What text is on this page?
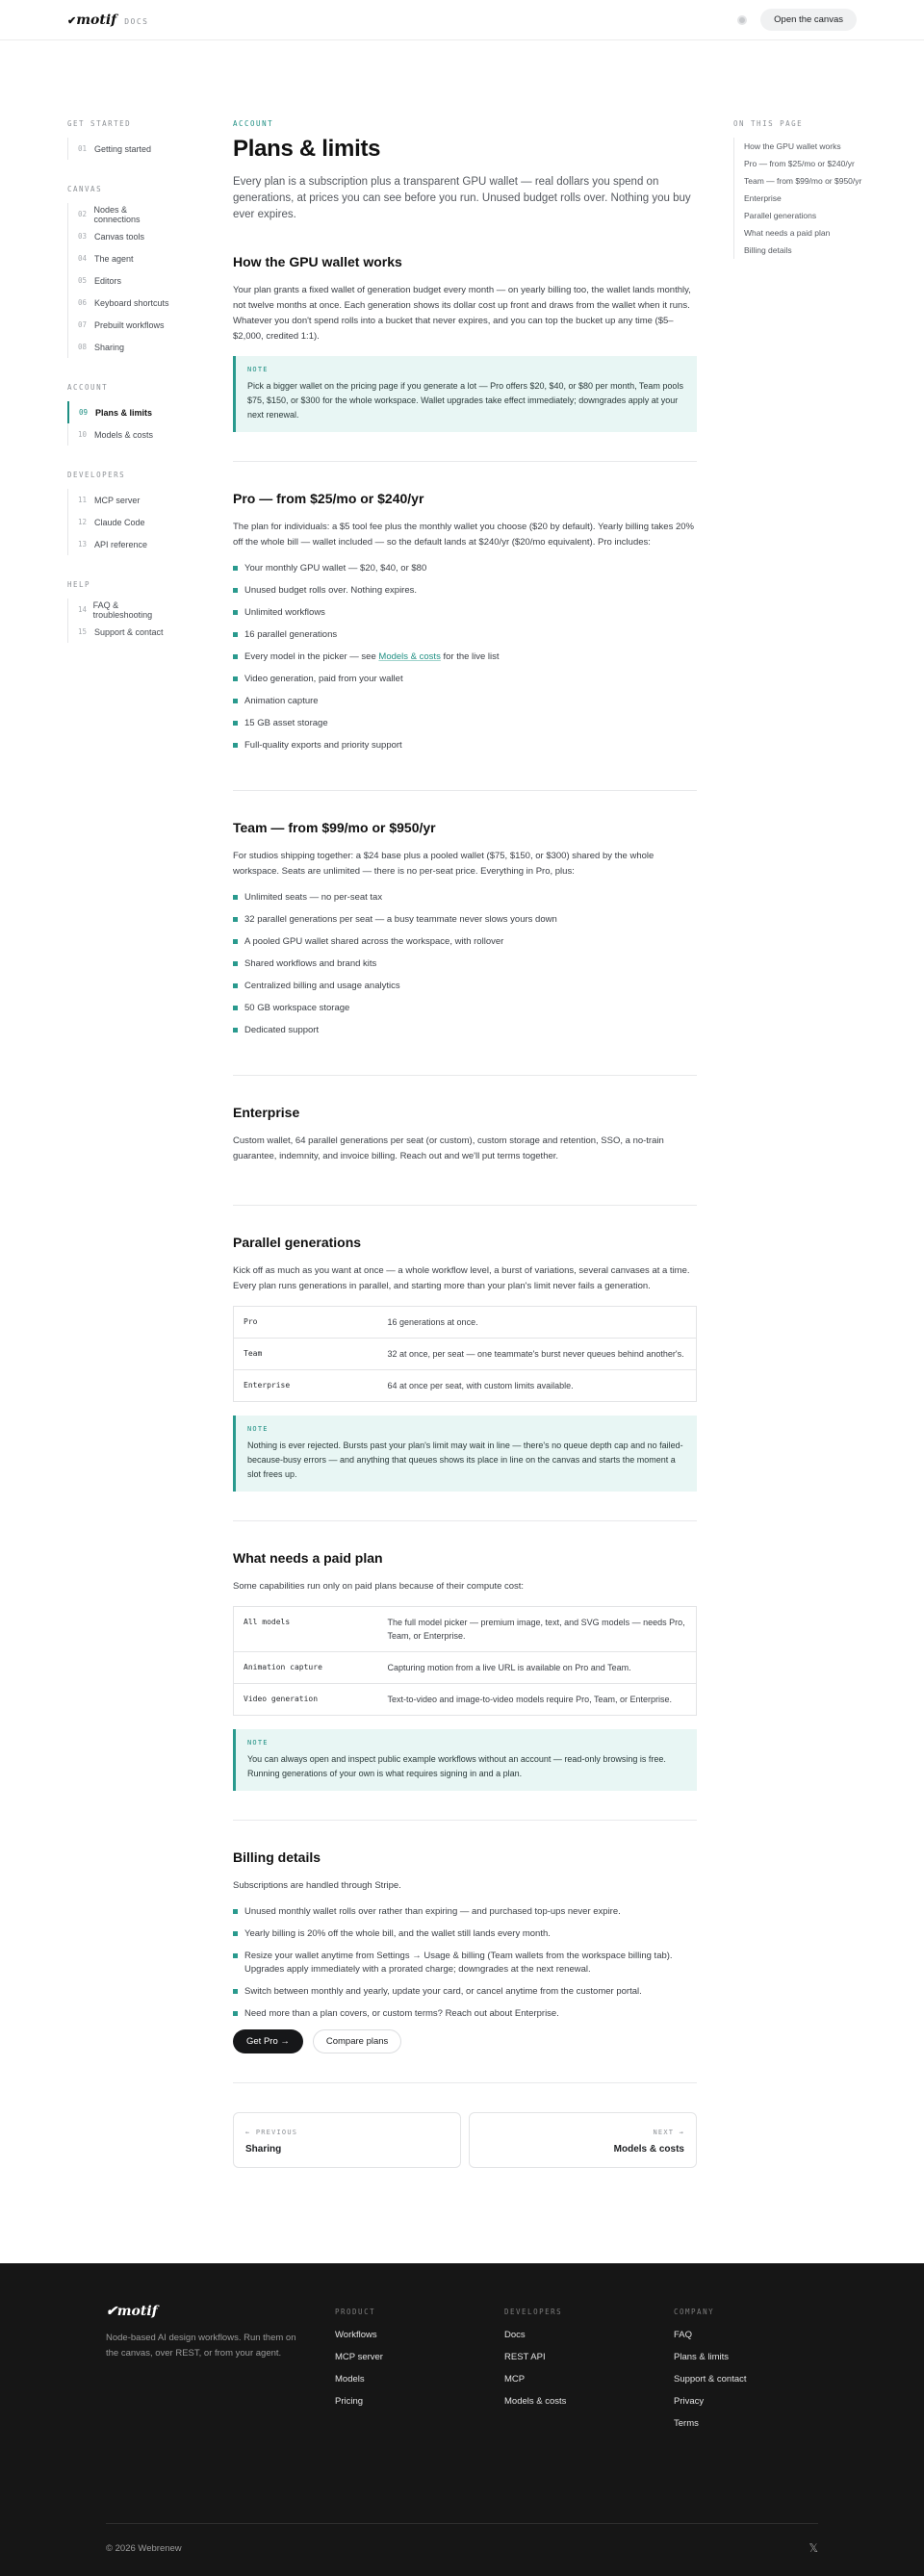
✔motif DOCS	Open the canvas
GET STARTED
01 Getting started
CANVAS
02 Nodes & connections
03 Canvas tools
04 The agent
05 Editors
06 Keyboard shortcuts
07 Prebuilt workflows
08 Sharing
ACCOUNT
09 Plans & limits
10 Models & costs
DEVELOPERS
11 MCP server
12 Claude Code
13 API reference
HELP
14 FAQ & troubleshooting
15 Support & contact
ACCOUNT
Plans & limits

Every plan is a subscription plus a transparent GPU wallet — real dollars you spend on generations, at prices you can see before you run. Unused budget rolls over. Nothing you buy ever expires.

How the GPU wallet works

Your plan grants a fixed wallet of generation budget every month — on yearly billing too, the wallet lands monthly, not twelve months at once. Each generation shows its dollar cost up front and draws from the wallet when it runs. Whatever you don't spend rolls into a bucket that never expires, and you can top the bucket up any time ($5–$2,000, credited 1:1).

NOTE
Pick a bigger wallet on the pricing page if you generate a lot — Pro offers $20, $40, or $80 per month, Team pools $75, $150, or $300 for the whole workspace. Wallet upgrades take effect immediately; downgrades apply at your next renewal.
Pro — from $25/mo or $240/yr

The plan for individuals: a $5 tool fee plus the monthly wallet you choose ($20 by default). Yearly billing takes 20% off the whole bill — wallet included — so the default lands at $240/yr ($20/mo equivalent). Pro includes:

Your monthly GPU wallet — $20, $40, or $80
Unused budget rolls over. Nothing expires.
Unlimited workflows
16 parallel generations
Every model in the picker — see Models & costs for the live list
Video generation, paid from your wallet
Animation capture
15 GB asset storage
Full-quality exports and priority support
Team — from $99/mo or $950/yr

For studios shipping together: a $24 base plus a pooled wallet ($75, $150, or $300) shared by the whole workspace. Seats are unlimited — there is no per-seat price. Everything in Pro, plus:

Unlimited seats — no per-seat tax
32 parallel generations per seat — a busy teammate never slows yours down
A pooled GPU wallet shared across the workspace, with rollover
Shared workflows and brand kits
Centralized billing and usage analytics
50 GB workspace storage
Dedicated support
Enterprise

Custom wallet, 64 parallel generations per seat (or custom), custom storage and retention, SSO, a no-train guarantee, indemnity, and invoice billing. Reach out and we'll put terms together.

Parallel generations

Kick off as much as you want at once — a whole workflow level, a burst of variations, several canvases at a time. Every plan runs generations in parallel, and starting more than your plan's limit never fails a generation.

Pro	16 generations at once.
Team	32 at once, per seat — one teammate's burst never queues behind another's.
Enterprise	64 at once per seat, with custom limits available.
NOTE
Nothing is ever rejected. Bursts past your plan's limit may wait in line — there's no queue depth cap and no failed-because-busy errors — and anything that queues shows its place in line on the canvas and starts the moment a slot frees up.
What needs a paid plan

Some capabilities run only on paid plans because of their compute cost:

All models	The full model picker — premium image, text, and SVG models — needs Pro, Team, or Enterprise.
Animation capture	Capturing motion from a live URL is available on Pro and Team.
Video generation	Text-to-video and image-to-video models require Pro, Team, or Enterprise.
NOTE
You can always open and inspect public example workflows without an account — read-only browsing is free. Running generations of your own is what requires signing in and a plan.
Billing details

Subscriptions are handled through Stripe.

Unused monthly wallet rolls over rather than expiring — and purchased top-ups never expire.
Yearly billing is 20% off the whole bill, and the wallet still lands every month.
Resize your wallet anytime from Settings → Usage & billing (Team wallets from the workspace billing tab). Upgrades apply immediately with a prorated charge; downgrades at the next renewal.
Switch between monthly and yearly, update your card, or cancel anytime from the customer portal.
Need more than a plan covers, or custom terms? Reach out about Enterprise.
Get Pro →	Compare plans
← PREVIOUS
Sharing
NEXT →
Models & costs
ON THIS PAGE
How the GPU wallet works
Pro — from $25/mo or $240/yr
Team — from $99/mo or $950/yr
Enterprise
Parallel generations
What needs a paid plan
Billing details
✔motif
Node-based AI design workflows. Run them on the canvas, over REST, or from your agent.
PRODUCT
Workflows
MCP server
Models
Pricing
DEVELOPERS
Docs
REST API
MCP
Models & costs
COMPANY
FAQ
Plans & limits
Support & contact
Privacy
Terms
© 2026 Webrenew	𝕏
